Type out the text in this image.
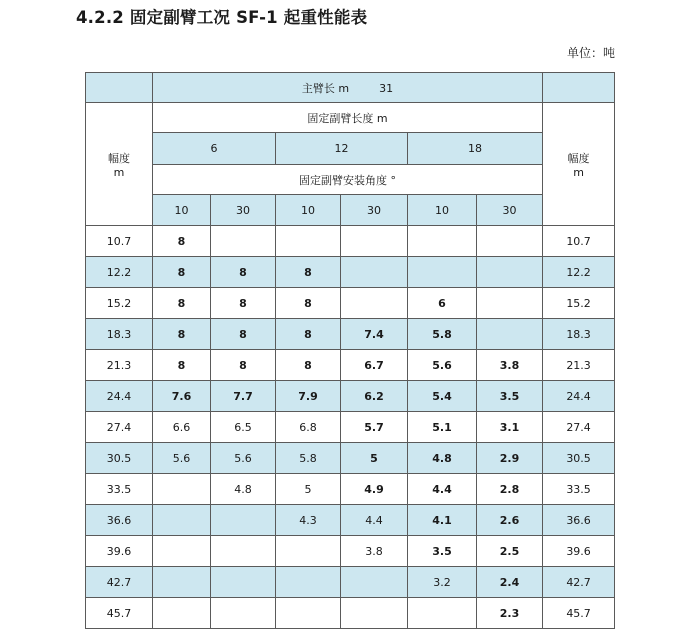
4.2.2 固定副臂工况 SF-1 起重性能表
单位：吨
	主臂长 m 31						
幅度
m	固定副臂长度 m						幅度
m
	6		12		18		
	固定副臂安装角度 °						
	10	30	10	30	10	30	
10.7	8						10.7
12.2	8	8	8				12.2
15.2	8	8	8		6		15.2
18.3	8	8	8	7.4	5.8		18.3
21.3	8	8	8	6.7	5.6	3.8	21.3
24.4	7.6	7.7	7.9	6.2	5.4	3.5	24.4
27.4	6.6	6.5	6.8	5.7	5.1	3.1	27.4
30.5	5.6	5.6	5.8	5	4.8	2.9	30.5
33.5		4.8	5	4.9	4.4	2.8	33.5
36.6			4.3	4.4	4.1	2.6	36.6
39.6				3.8	3.5	2.5	39.6
42.7					3.2	2.4	42.7
45.7						2.3	45.7
